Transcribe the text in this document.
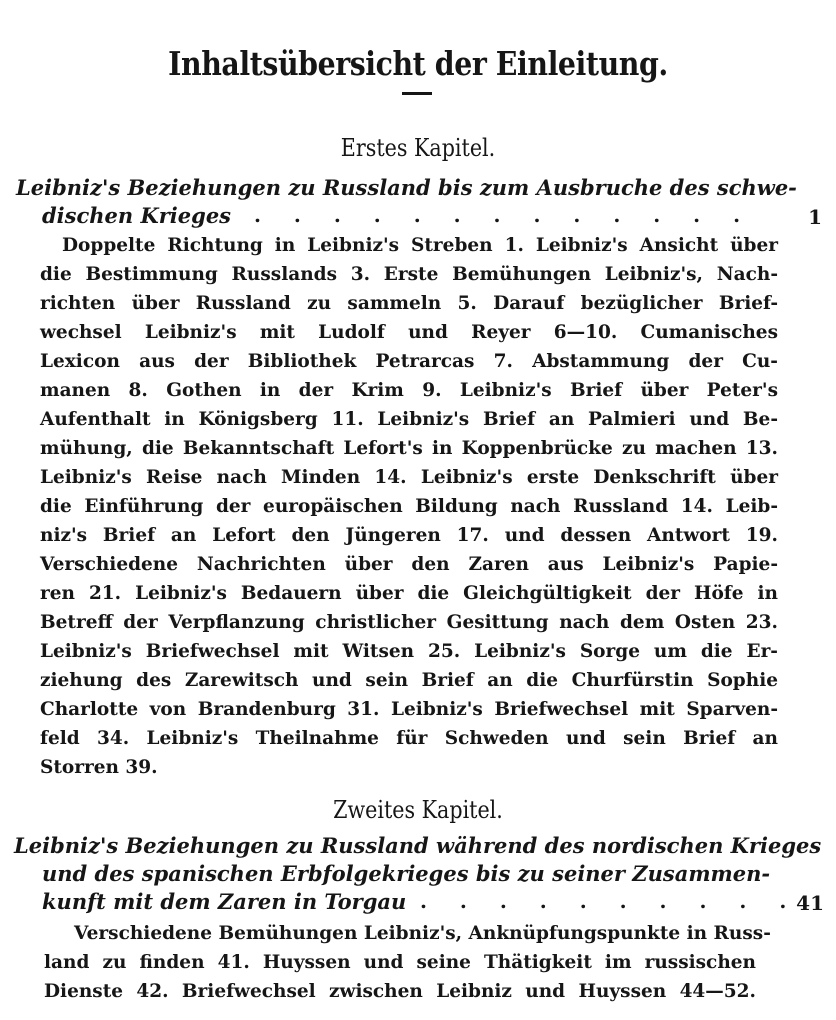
Inhaltsübersicht der Einleitung.
Erstes Kapitel.
Leibniz's Beziehungen zu Russland bis zum Ausbruche des schwe-
dischen Krieges . . . . . . . . . . . . .	1
Doppelte Richtung in Leibniz's Streben 1. Leibniz's Ansicht über
die Bestimmung Russlands 3. Erste Bemühungen Leibniz's, Nach-
richten über Russland zu sammeln 5. Darauf bezüglicher Brief-
wechsel Leibniz's mit Ludolf und Reyer 6—10. Cumanisches
Lexicon aus der Bibliothek Petrarcas 7. Abstammung der Cu-
manen 8. Gothen in der Krim 9. Leibniz's Brief über Peter's
Aufenthalt in Königsberg 11. Leibniz's Brief an Palmieri und Be-
mühung, die Bekanntschaft Lefort's in Koppenbrücke zu machen 13.
Leibniz's Reise nach Minden 14. Leibniz's erste Denkschrift über
die Einführung der europäischen Bildung nach Russland 14. Leib-
niz's Brief an Lefort den Jüngeren 17. und dessen Antwort 19.
Verschiedene Nachrichten über den Zaren aus Leibniz's Papie-
ren 21. Leibniz's Bedauern über die Gleichgültigkeit der Höfe in
Betreff der Verpflanzung christlicher Gesittung nach dem Osten 23.
Leibniz's Briefwechsel mit Witsen 25. Leibniz's Sorge um die Er-
ziehung des Zarewitsch und sein Brief an die Churfürstin Sophie
Charlotte von Brandenburg 31. Leibniz's Briefwechsel mit Sparven-
feld 34. Leibniz's Theilnahme für Schweden und sein Brief an
Storren 39.
Zweites Kapitel.
Leibniz's Beziehungen zu Russland während des nordischen Krieges
und des spanischen Erbfolgekrieges bis zu seiner Zusammen-
kunft mit dem Zaren in Torgau . . . . . . . . . .
41
Verschiedene Bemühungen Leibniz's, Anknüpfungspunkte in Russ-
land zu finden 41. Huyssen und seine Thätigkeit im russischen
Dienste 42. Briefwechsel zwischen Leibniz und Huyssen 44—52.
